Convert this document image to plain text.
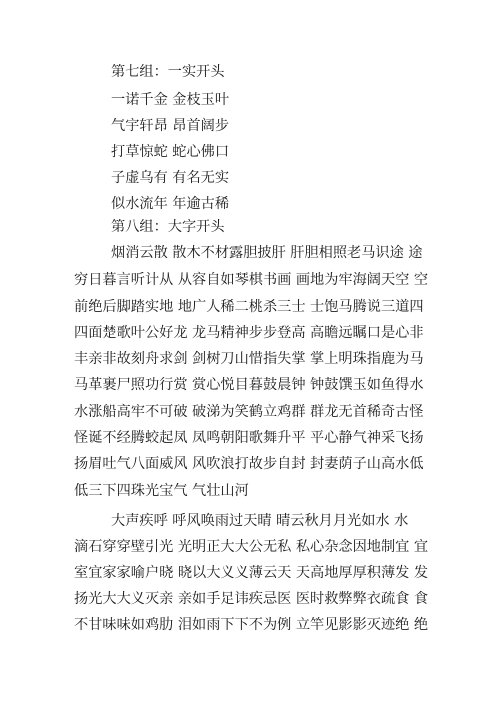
第七组：一实开头
一诺千金 金枝玉叶
气宇轩昂 昂首阔步
打草惊蛇 蛇心佛口
子虚乌有 有名无实
似水流年 年逾古稀
第八组：大字开头
烟消云散 散木不材露胆披肝 肝胆相照老马识途 途
穷日暮言听计从 从容自如琴棋书画 画地为牢海阔天空 空
前绝后脚踏实地 地广人稀二桃杀三士 士饱马腾说三道四
四面楚歌叶公好龙 龙马精神步步登高 高瞻远瞩口是心非
丰亲非故刻舟求剑 剑树刀山惜指失掌 掌上明珠指鹿为马
马革裹尸照功行赏 赏心悦目暮鼓晨钟 钟鼓馔玉如鱼得水
水涨船高牢不可破 破涕为笑鹤立鸡群 群龙无首稀奇古怪
怪诞不经腾蛟起凤 凤鸣朝阳歌舞升平 平心静气神采飞扬
扬眉吐气八面威风 风吹浪打故步自封 封妻荫子山高水低
低三下四珠光宝气 气壮山河
大声疾呼 呼风唤雨过天晴 晴云秋月月光如水 水
滴石穿穿壁引光 光明正大大公无私 私心杂念因地制宜 宜
室宜家家喻户晓 晓以大义义薄云天 天高地厚厚积薄发 发
扬光大大义灭亲 亲如手足讳疾忌医 医时救弊弊衣疏食 食
不甘味味如鸡肋 泪如雨下下不为例 立竿见影影灭迹绝 绝
